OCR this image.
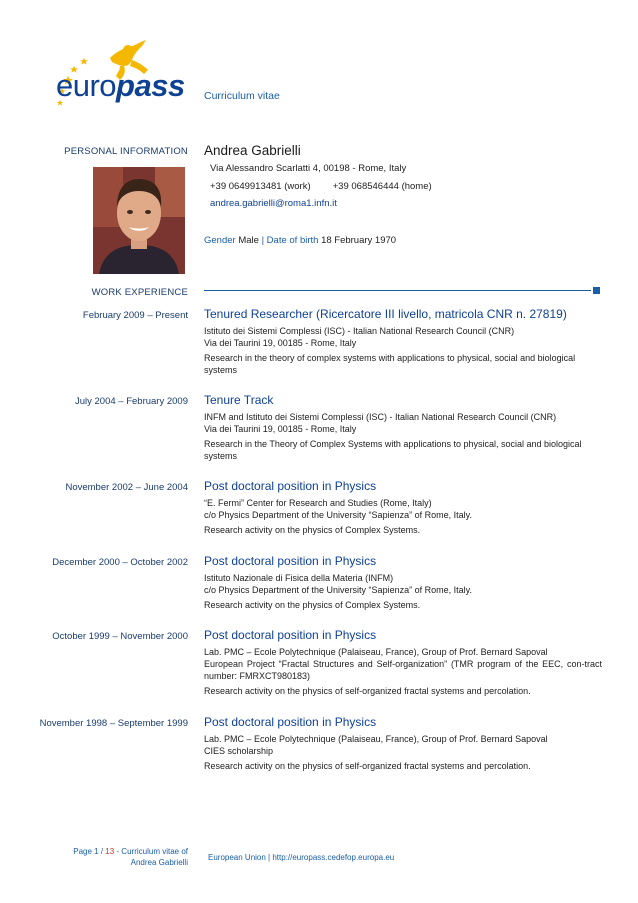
europass Curriculum vitae
PERSONAL INFORMATION Andrea Gabrielli
Via Alessandro Scarlatti 4, 00198 - Rome, Italy
+39 0649913481 (work) +39 068546444 (home)
andrea.gabrielli@roma1.infn.it
Gender Male | Date of birth 18 February 1970
WORK EXPERIENCE
February 2009 – Present Tenured Researcher (Ricercatore III livello, matricola CNR n. 27819)
Istituto dei Sistemi Complessi (ISC) - Italian National Research Council (CNR)
Via dei Taurini 19, 00185 - Rome, Italy
Research in the theory of complex systems with applications to physical, social and biological systems
July 2004 – February 2009 Tenure Track
INFM and Istituto dei Sistemi Complessi (ISC) - Italian National Research Council (CNR)
Via dei Taurini 19, 00185 - Rome, Italy
Research in the Theory of Complex Systems with applications to physical, social and biological systems
November 2002 – June 2004 Post doctoral position in Physics
“E. Fermi” Center for Research and Studies (Rome, Italy)
c/o Physics Department of the University “Sapienza” of Rome, Italy.
Research activity on the physics of Complex Systems.
December 2000 – October 2002 Post doctoral position in Physics
Istituto Nazionale di Fisica della Materia (INFM)
c/o Physics Department of the University “Sapienza” of Rome, Italy.
Research activity on the physics of Complex Systems.
October 1999 – November 2000 Post doctoral position in Physics
Lab. PMC – Ecole Polytechnique (Palaiseau, France), Group of Prof. Bernard Sapoval
European Project “Fractal Structures and Self-organization” (TMR program of the EEC, con-tract number: FMRXCT980183)
Research activity on the physics of self-organized fractal systems and percolation.
November 1998 – September 1999 Post doctoral position in Physics
Lab. PMC – Ecole Polytechnique (Palaiseau, France), Group of Prof. Bernard Sapoval
CIES scholarship
Research activity on the physics of self-organized fractal systems and percolation.
Page 1 / 13 - Curriculum vitae of
Andrea Gabrielli
European Union | http://europass.cedefop.europa.eu
